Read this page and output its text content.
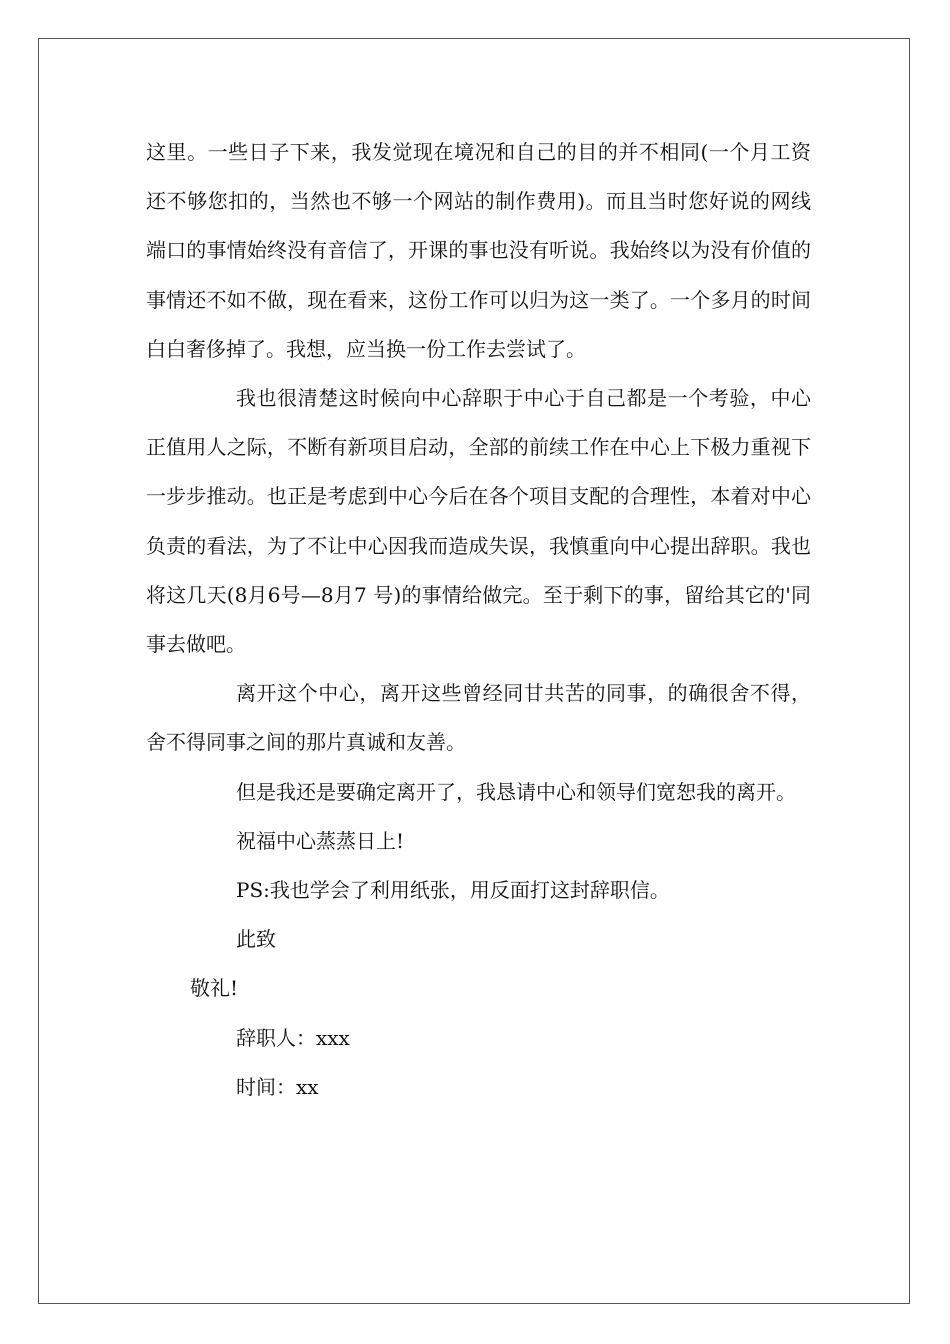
这里。一些日子下来，我发觉现在境况和自己的目的并不相同(一个月工资还不够您扣的，当然也不够一个网站的制作费用)。而且当时您好说的网线端口的事情始终没有音信了，开课的事也没有听说。我始终以为没有价值的事情还不如不做，现在看来，这份工作可以归为这一类了。一个多月的时间白白奢侈掉了。我想，应当换一份工作去尝试了。

我也很清楚这时候向中心辞职于中心于自己都是一个考验，中心正值用人之际，不断有新项目启动，全部的前续工作在中心上下极力重视下一步步推动。也正是考虑到中心今后在各个项目支配的合理性，本着对中心负责的看法，为了不让中心因我而造成失误，我慎重向中心提出辞职。我也将这几天(8月6号—8月7 号)的事情给做完。至于剩下的事，留给其它的'同事去做吧。

离开这个中心，离开这些曾经同甘共苦的同事，的确很舍不得，舍不得同事之间的那片真诚和友善。

但是我还是要确定离开了，我恳请中心和领导们宽恕我的离开。

祝福中心蒸蒸日上!

PS:我也学会了利用纸张，用反面打这封辞职信。

此致

敬礼!

辞职人：xxx

时间：xx
